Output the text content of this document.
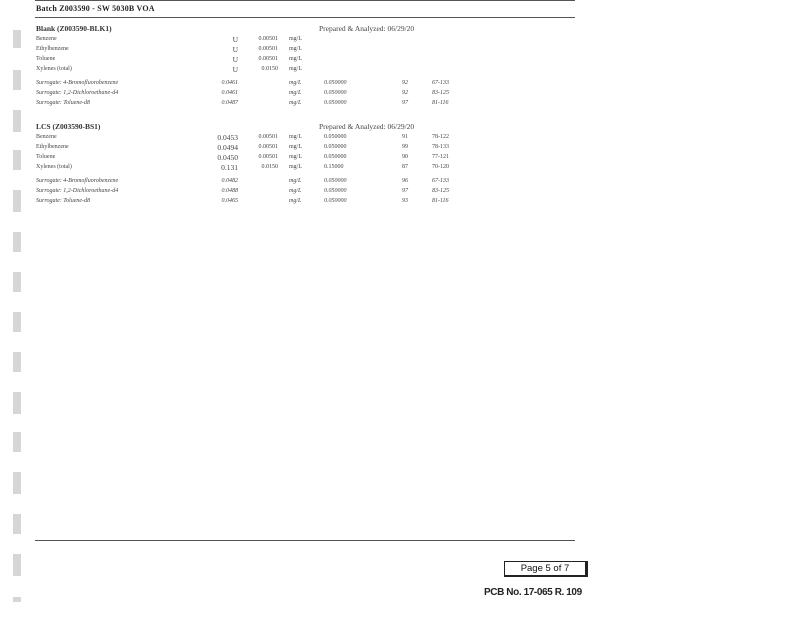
Batch Z003590 - SW 5030B VOA
Blank (Z003590-BLK1)	Prepared & Analyzed: 06/29/20
Benzene	U	0.00501 mg/L
Ethylbenzene	U	0.00501 mg/L
Toluene	U	0.00501 mg/L
Xylenes (total)	U	0.0150 mg/L
Surrogate: 4-Bromofluorobenzene	0.0461	mg/L	0.050000	92	67-133
Surrogate: 1,2-Dichloroethane-d4	0.0461	mg/L	0.050000	92	83-125
Surrogate: Toluene-d8	0.0487	mg/L	0.050000	97	81-116
LCS (Z003590-BS1)	Prepared & Analyzed: 06/29/20
Benzene	0.0453	0.00501 mg/L	0.050000	91	78-122
Ethylbenzene	0.0494	0.00501 mg/L	0.050000	99	78-133
Toluene	0.0450	0.00501 mg/L	0.050000	90	77-121
Xylenes (total)	0.131	0.0150 mg/L	0.15000	87	70-120
Surrogate: 4-Bromofluorobenzene	0.0482	mg/L	0.050000	96	67-133
Surrogate: 1,2-Dichloroethane-d4	0.0488	mg/L	0.050000	97	83-125
Surrogate: Toluene-d8	0.0465	mg/L	0.050000	93	81-116
Page 5 of 7
PCB No. 17-065 R. 109
